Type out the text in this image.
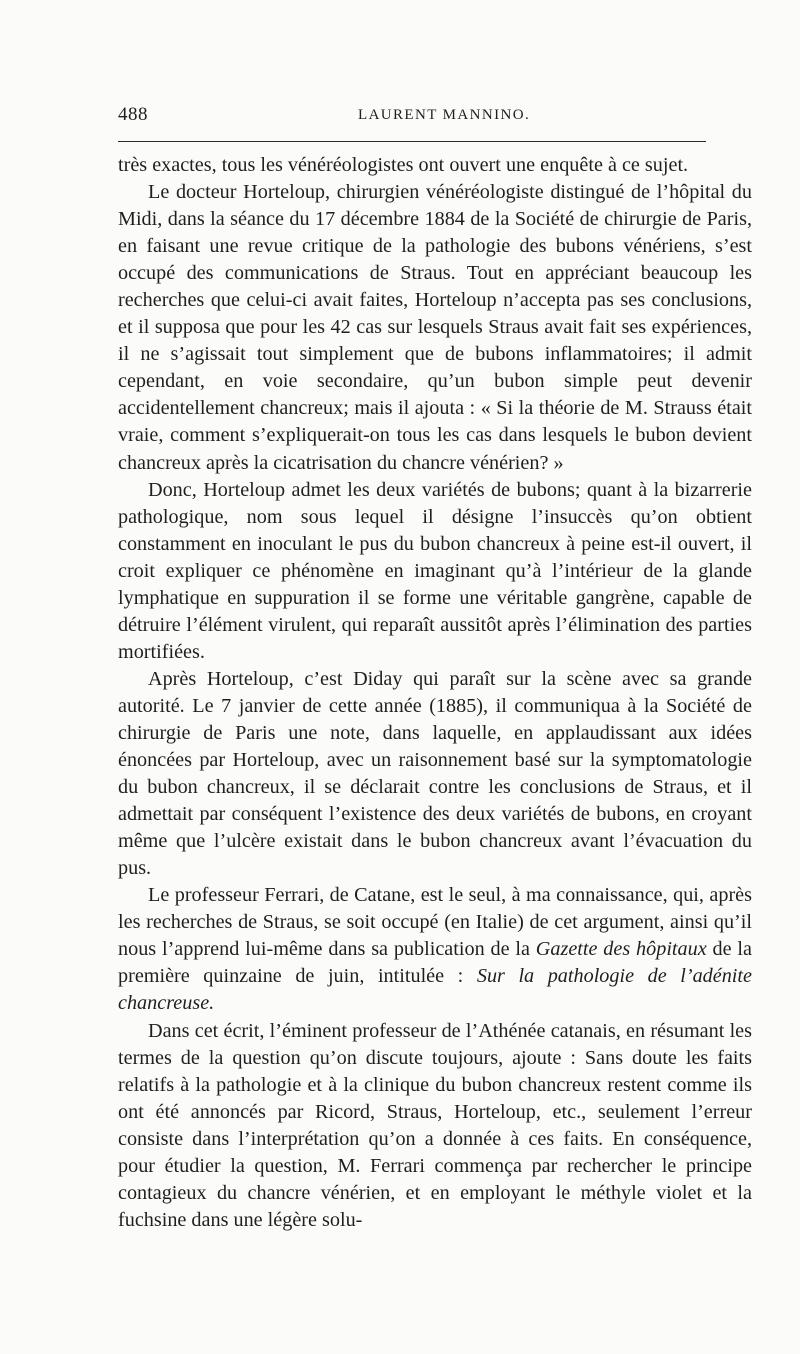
488	LAURENT MANNINO.

très exactes, tous les vénéréologistes ont ouvert une enquête à ce sujet.

Le docteur Horteloup, chirurgien vénéréologiste distingué de l’hôpital du Midi, dans la séance du 17 décembre 1884 de la Société de chirurgie de Paris, en faisant une revue critique de la pathologie des bubons vénériens, s’est occupé des communications de Straus. Tout en appréciant beaucoup les recherches que celui-ci avait faites, Horteloup n’accepta pas ses conclusions, et il supposa que pour les 42 cas sur lesquels Straus avait fait ses expériences, il ne s’agissait tout simplement que de bubons inflammatoires; il admit cependant, en voie secondaire, qu’un bubon simple peut devenir accidentellement chancreux; mais il ajouta : « Si la théorie de M. Strauss était vraie, comment s’expliquerait-on tous les cas dans lesquels le bubon devient chancreux après la cicatrisation du chancre vénérien? »

Donc, Horteloup admet les deux variétés de bubons; quant à la bizarrerie pathologique, nom sous lequel il désigne l’insuccès qu’on obtient constamment en inoculant le pus du bubon chancreux à peine est-il ouvert, il croit expliquer ce phénomène en imaginant qu’à l’intérieur de la glande lymphatique en suppuration il se forme une véritable gangrène, capable de détruire l’élément virulent, qui reparaît aussitôt après l’élimination des parties mortifiées.

Après Horteloup, c’est Diday qui paraît sur la scène avec sa grande autorité. Le 7 janvier de cette année (1885), il communiqua à la Société de chirurgie de Paris une note, dans laquelle, en applaudissant aux idées énoncées par Horteloup, avec un raisonnement basé sur la symptomatologie du bubon chancreux, il se déclarait contre les conclusions de Straus, et il admettait par conséquent l’existence des deux variétés de bubons, en croyant même que l’ulcère existait dans le bubon chancreux avant l’évacuation du pus.

Le professeur Ferrari, de Catane, est le seul, à ma connaissance, qui, après les recherches de Straus, se soit occupé (en Italie) de cet argument, ainsi qu’il nous l’apprend lui-même dans sa publication de la Gazette des hôpitaux de la première quinzaine de juin, intitulée : Sur la pathologie de l’adénite chancreuse.

Dans cet écrit, l’éminent professeur de l’Athénée catanais, en résumant les termes de la question qu’on discute toujours, ajoute : Sans doute les faits relatifs à la pathologie et à la clinique du bubon chancreux restent comme ils ont été annoncés par Ricord, Straus, Horteloup, etc., seulement l’erreur consiste dans l’interprétation qu’on a donnée à ces faits. En conséquence, pour étudier la question, M. Ferrari commença par rechercher le principe contagieux du chancre vénérien, et en employant le méthyle violet et la fuchsine dans une légère solu-
